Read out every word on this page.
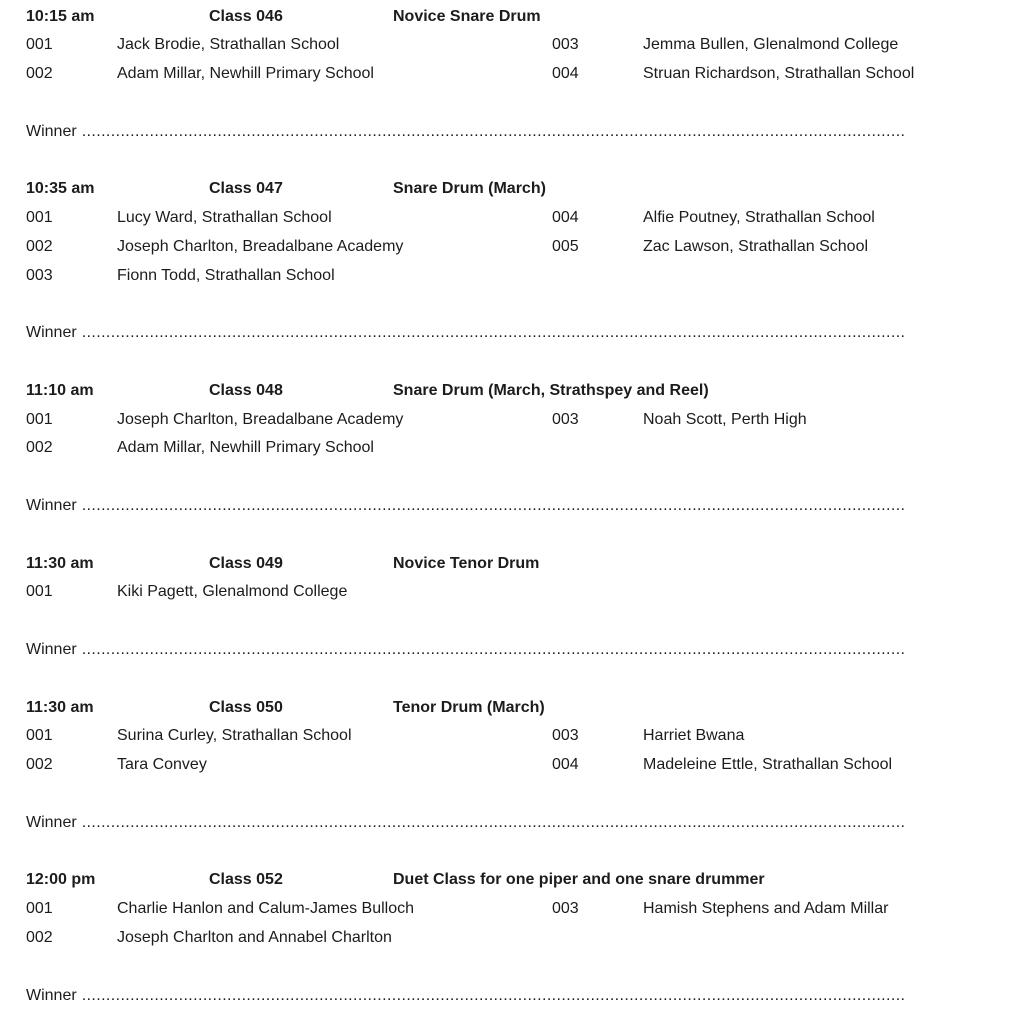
10:15 am	Class 046	Novice Snare Drum
001	Jack Brodie, Strathallan School	003	Jemma Bullen, Glenalmond College
002	Adam Millar, Newhill Primary School	004	Struan Richardson, Strathallan School
Winner ..........................................................................................................................................................................
10:35 am	Class 047	Snare Drum (March)
001	Lucy Ward, Strathallan School	004	Alfie Poutney, Strathallan School
002	Joseph Charlton, Breadalbane Academy	005	Zac Lawson, Strathallan School
003	Fionn Todd, Strathallan School
Winner ..........................................................................................................................................................................
11:10 am	Class 048	Snare Drum (March, Strathspey and Reel)
001	Joseph Charlton, Breadalbane Academy	003	Noah Scott, Perth High
002	Adam Millar, Newhill Primary School
Winner ..........................................................................................................................................................................
11:30 am	Class 049	Novice Tenor Drum
001	Kiki Pagett, Glenalmond College
Winner ..........................................................................................................................................................................
11:30 am	Class 050	Tenor Drum (March)
001	Surina Curley, Strathallan School	003	Harriet Bwana
002	Tara Convey	004	Madeleine Ettle, Strathallan School
Winner ..........................................................................................................................................................................
12:00 pm	Class 052	Duet Class for one piper and one snare drummer
001	Charlie Hanlon and Calum-James Bulloch	003	Hamish Stephens and Adam Millar
002	Joseph Charlton and Annabel Charlton
Winner ..........................................................................................................................................................................
